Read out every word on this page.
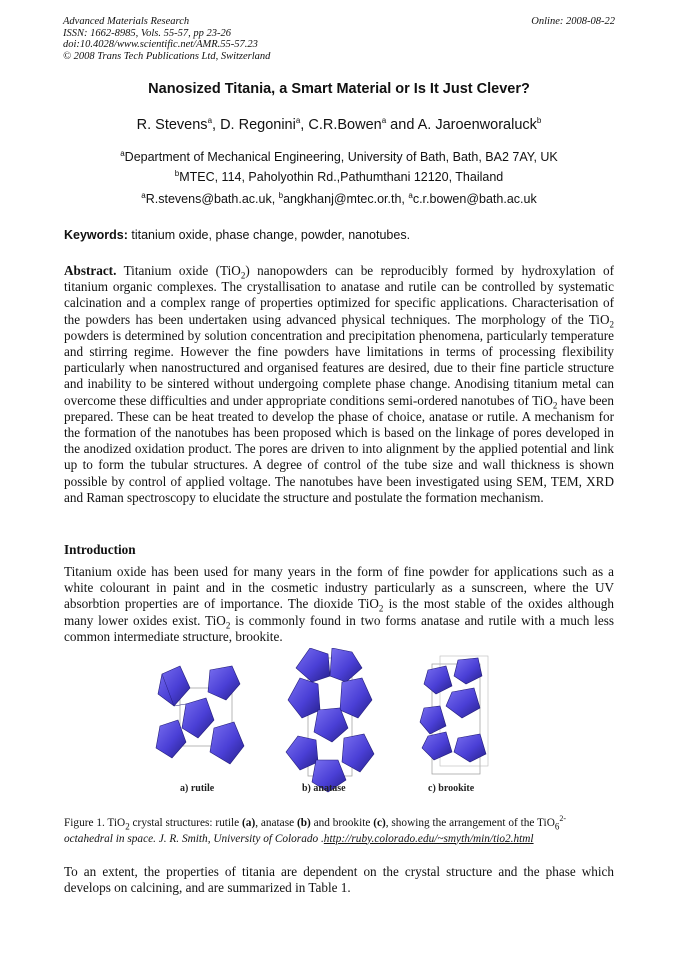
Advanced Materials Research
ISSN: 1662-8985, Vols. 55-57, pp 23-26
doi:10.4028/www.scientific.net/AMR.55-57.23
© 2008 Trans Tech Publications Ltd, Switzerland
Online: 2008-08-22
Nanosized Titania, a Smart Material or Is It Just Clever?
R. Stevens$^a$, D. Regonini$^a$, C.R.Bowen$^a$ and A. Jaroenworaluck$^b$
$^a$Department of Mechanical Engineering, University of Bath, Bath, BA2 7AY, UK
$^b$MTEC, 114, Paholyothin Rd.,Pathumthani 12120, Thailand
$^a$R.stevens@bath.ac.uk, $^b$angkhanj@mtec.or.th, $^a$c.r.bowen@bath.ac.uk
Keywords: titanium oxide, phase change, powder, nanotubes.
Abstract. Titanium oxide (TiO$_2$) nanopowders can be reproducibly formed by hydroxylation of titanium organic complexes. The crystallisation to anatase and rutile can be controlled by systematic calcination and a complex range of properties optimized for specific applications. Characterisation of the powders has been undertaken using advanced physical techniques. The morphology of the TiO$_2$ powders is determined by solution concentration and precipitation phenomena, particularly temperature and stirring regime. However the fine powders have limitations in terms of processing flexibility particularly when nanostructured and organised features are desired, due to their fine particle structure and inability to be sintered without undergoing complete phase change. Anodising titanium metal can overcome these difficulties and under appropriate conditions semi-ordered nanotubes of TiO$_2$ have been prepared. These can be heat treated to develop the phase of choice, anatase or rutile. A mechanism for the formation of the nanotubes has been proposed which is based on the linkage of pores developed in the anodized oxidation product. The pores are driven to into alignment by the applied potential and link up to form the tubular structures. A degree of control of the tube size and wall thickness is shown possible by control of applied voltage. The nanotubes have been investigated using SEM, TEM, XRD and Raman spectroscopy to elucidate the structure and postulate the formation mechanism.
Introduction
Titanium oxide has been used for many years in the form of fine powder for applications such as a white colourant in paint and in the cosmetic industry particularly as a sunscreen, where the UV absorbtion properties are of importance. The dioxide TiO$_2$ is the most stable of the oxides although many lower oxides exist. TiO$_2$ is commonly found in two forms anatase and rutile with a much less common intermediate structure, brookite.
a) rutile	b) anatase	c) brookite
Figure 1. TiO$_2$ crystal structures: rutile (a), anatase (b) and brookite (c), showing the arrangement of the TiO$_6^{2-}$
octahedral in space. J. R. Smith, University of Colorado .http://ruby.colorado.edu/~smyth/min/tio2.html
To an extent, the properties of titania are dependent on the crystal structure and the phase which develops on calcining, and are summarized in Table 1.
